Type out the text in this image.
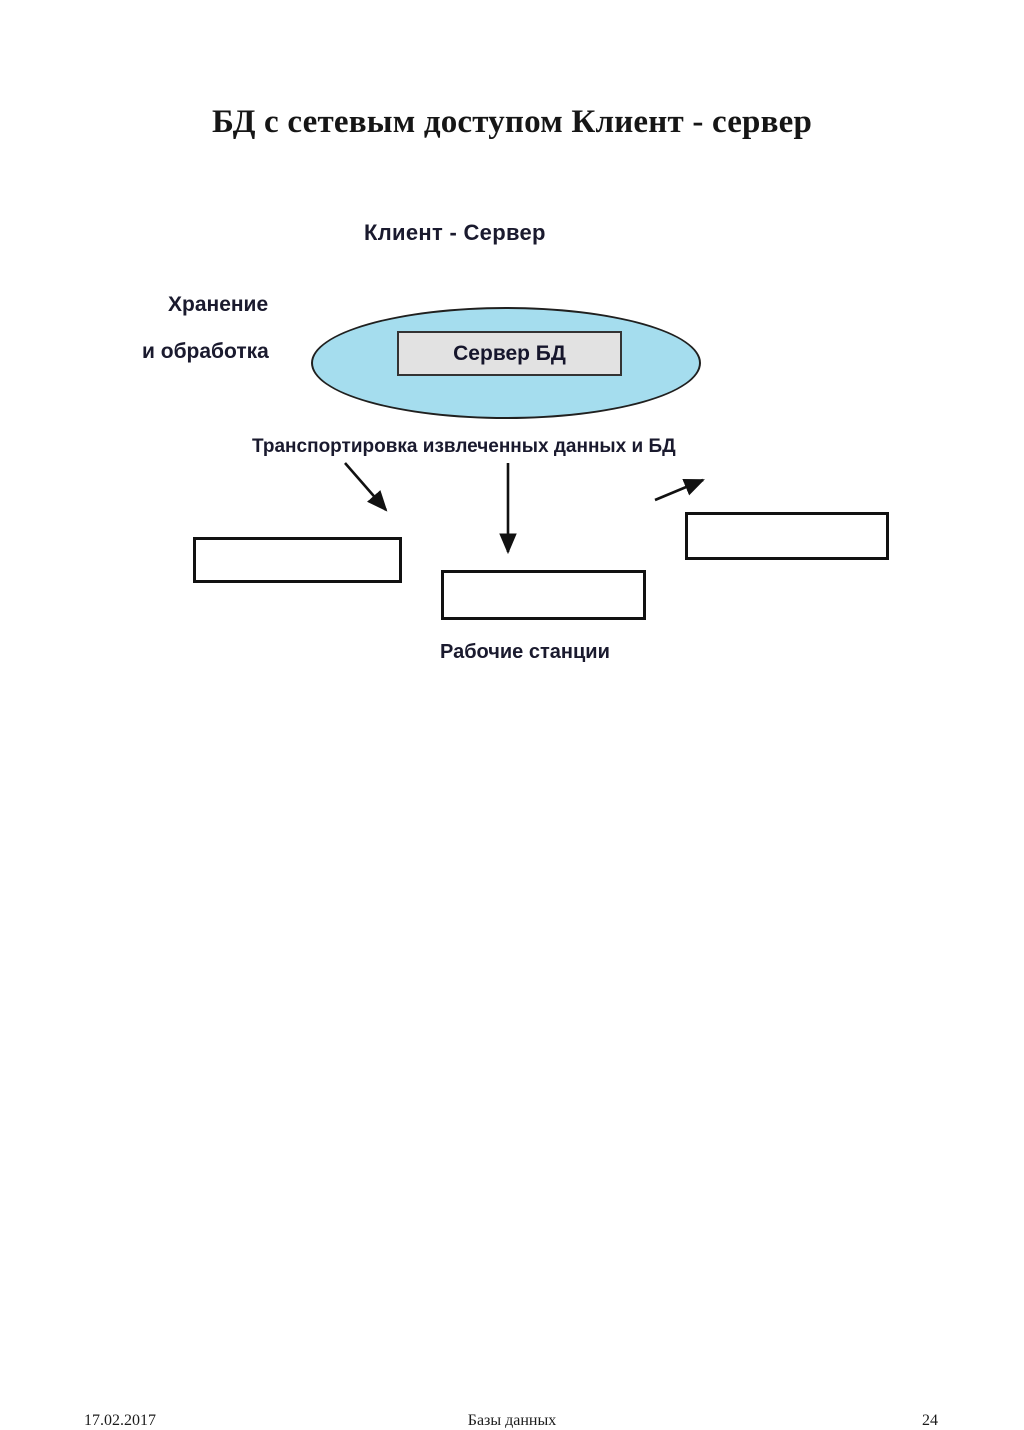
БД с сетевым доступом Клиент - сервер
Клиент - Сервер
Хранение
и обработка	Сервер БД
Транспортировка извлеченных данных и БД
Рабочие станции
17.02.2017	Базы данных	24
